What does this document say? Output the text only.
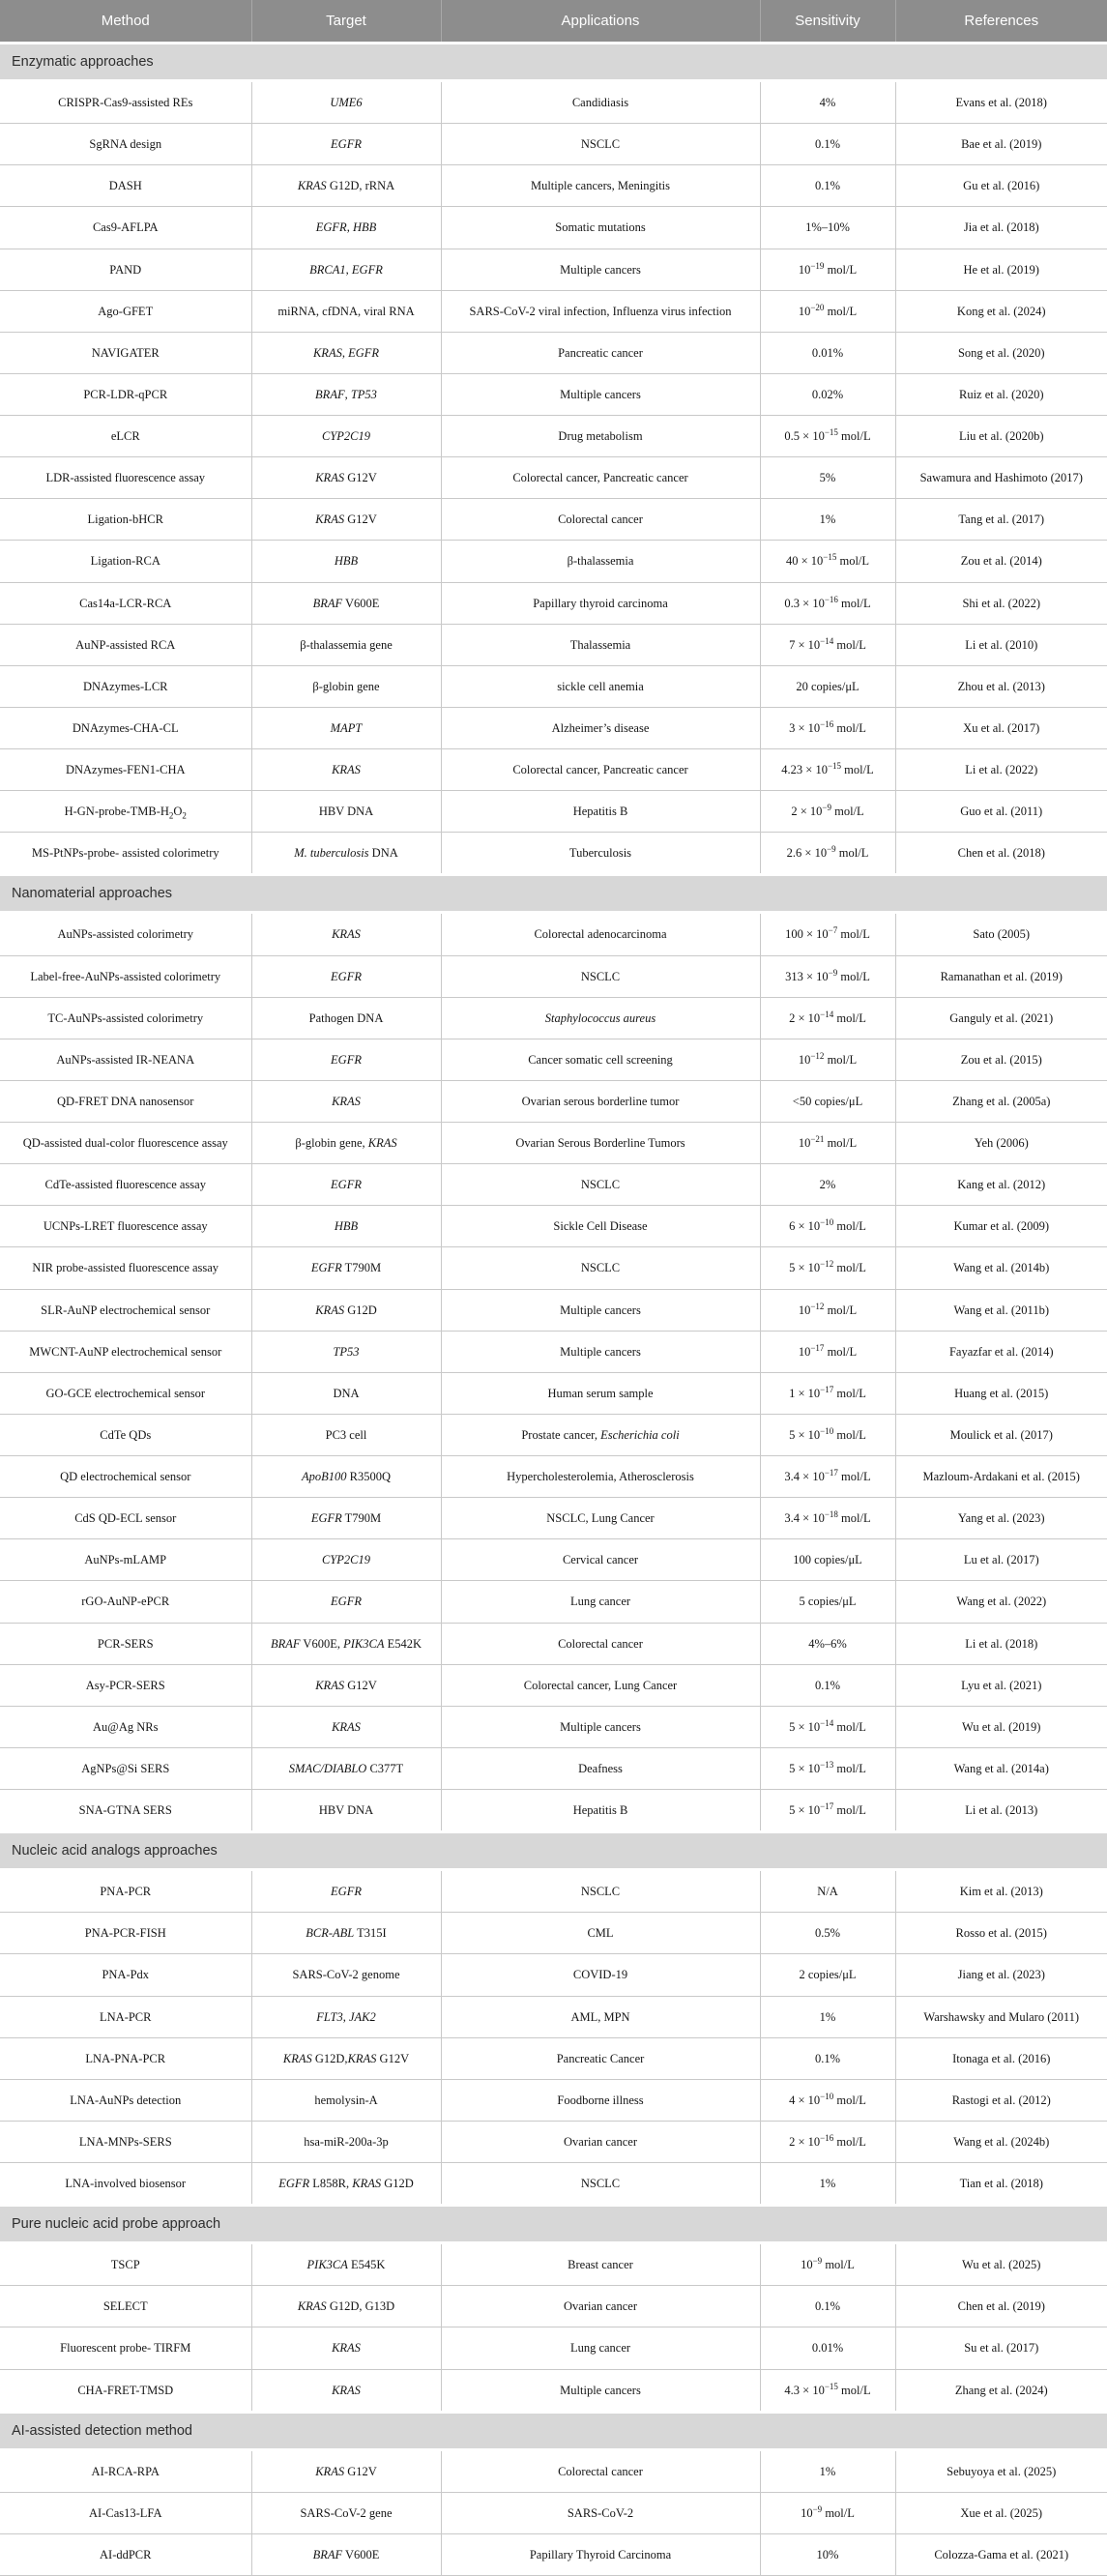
Method	Target	Applications	Sensitivity	References
Enzymatic approaches				
CRISPR-Cas9-assisted REs	UME6	Candidiasis	4%	Evans et al. (2018)
SgRNA design	EGFR	NSCLC	0.1%	Bae et al. (2019)
DASH	KRAS G12D, rRNA	Multiple cancers, Meningitis	0.1%	Gu et al. (2016)
Cas9-AFLPA	EGFR, HBB	Somatic mutations	1%–10%	Jia et al. (2018)
PAND	BRCA1, EGFR	Multiple cancers	$10^{-19}$ mol/L	He et al. (2019)
Ago-GFET	miRNA, cfDNA, viral RNA	SARS-CoV-2 viral infection, Influenza virus infection	$10^{-20}$ mol/L	Kong et al. (2024)
NAVIGATER	KRAS, EGFR	Pancreatic cancer	0.01%	Song et al. (2020)
PCR-LDR-qPCR	BRAF, TP53	Multiple cancers	0.02%	Ruiz et al. (2020)
eLCR	CYP2C19	Drug metabolism	$0.5 \times 10^{-15}$ mol/L	Liu et al. (2020b)
LDR-assisted fluorescence assay	KRAS G12V	Colorectal cancer, Pancreatic cancer	5%	Sawamura and Hashimoto (2017)
Ligation-bHCR	KRAS G12V	Colorectal cancer	1%	Tang et al. (2017)
Ligation-RCA	HBB	β-thalassemia	$40 \times 10^{-15}$ mol/L	Zou et al. (2014)
Cas14a-LCR-RCA	BRAF V600E	Papillary thyroid carcinoma	$0.3 \times 10^{-16}$ mol/L	Shi et al. (2022)
AuNP-assisted RCA	β-thalassemia gene	Thalassemia	$7 \times 10^{-14}$ mol/L	Li et al. (2010)
DNAzymes-LCR	β-globin gene	sickle cell anemia	20 copies/μL	Zhou et al. (2013)
DNAzymes-CHA-CL	MAPT	Alzheimer’s disease	$3 \times 10^{-16}$ mol/L	Xu et al. (2017)
DNAzymes-FEN1-CHA	KRAS	Colorectal cancer, Pancreatic cancer	$4.23 \times 10^{-15}$ mol/L	Li et al. (2022)
$H-GN-probe-TMB-H_2O_2$	HBV DNA	Hepatitis B	$2 \times 10^{-9}$ mol/L	Guo et al. (2011)
MS-PtNPs-probe- assisted colorimetry	M. tuberculosis DNA	Tuberculosis	$2.6 \times 10^{-9}$ mol/L	Chen et al. (2018)
Nanomaterial approaches				
AuNPs-assisted colorimetry	KRAS	Colorectal adenocarcinoma	$100 \times 10^{-7}$ mol/L	Sato (2005)
Label-free-AuNPs-assisted colorimetry	EGFR	NSCLC	$313 \times 10^{-9}$ mol/L	Ramanathan et al. (2019)
TC-AuNPs-assisted colorimetry	Pathogen DNA	Staphylococcus aureus	$2 \times 10^{-14}$ mol/L	Ganguly et al. (2021)
AuNPs-assisted IR-NEANA	EGFR	Cancer somatic cell screening	$10^{-12}$ mol/L	Zou et al. (2015)
QD-FRET DNA nanosensor	KRAS	Ovarian serous borderline tumor	<50 copies/μL	Zhang et al. (2005a)
QD-assisted dual-color fluorescence assay	β-globin gene, KRAS	Ovarian Serous Borderline Tumors	$10^{-21}$ mol/L	Yeh (2006)
CdTe-assisted fluorescence assay	EGFR	NSCLC	2%	Kang et al. (2012)
UCNPs-LRET fluorescence assay	HBB	Sickle Cell Disease	$6 \times 10^{-10}$ mol/L	Kumar et al. (2009)
NIR probe-assisted fluorescence assay	EGFR T790M	NSCLC	$5 \times 10^{-12}$ mol/L	Wang et al. (2014b)
SLR-AuNP electrochemical sensor	KRAS G12D	Multiple cancers	$10^{-12}$ mol/L	Wang et al. (2011b)
MWCNT-AuNP electrochemical sensor	TP53	Multiple cancers	$10^{-17}$ mol/L	Fayazfar et al. (2014)
GO-GCE electrochemical sensor	DNA	Human serum sample	$1 \times 10^{-17}$ mol/L	Huang et al. (2015)
CdTe QDs	PC3 cell	Prostate cancer, Escherichia coli	$5 \times 10^{-10}$ mol/L	Moulick et al. (2017)
QD electrochemical sensor	ApoB100 R3500Q	Hypercholesterolemia, Atherosclerosis	$3.4 \times 10^{-17}$ mol/L	Mazloum-Ardakani et al. (2015)
CdS QD-ECL sensor	EGFR T790M	NSCLC, Lung Cancer	$3.4 \times 10^{-18}$ mol/L	Yang et al. (2023)
AuNPs-mLAMP	CYP2C19	Cervical cancer	100 copies/μL	Lu et al. (2017)
rGO-AuNP-ePCR	EGFR	Lung cancer	5 copies/μL	Wang et al. (2022)
PCR-SERS	BRAF V600E, PIK3CA E542K	Colorectal cancer	4%–6%	Li et al. (2018)
Asy-PCR-SERS	KRAS G12V	Colorectal cancer, Lung Cancer	0.1%	Lyu et al. (2021)
Au@Ag NRs	KRAS	Multiple cancers	$5 \times 10^{-14}$ mol/L	Wu et al. (2019)
AgNPs@Si SERS	SMAC/DIABLO C377T	Deafness	$5 \times 10^{-13}$ mol/L	Wang et al. (2014a)
SNA-GTNA SERS	HBV DNA	Hepatitis B	$5 \times 10^{-17}$ mol/L	Li et al. (2013)
Nucleic acid analogs approaches				
PNA-PCR	EGFR	NSCLC	N/A	Kim et al. (2013)
PNA-PCR-FISH	BCR-ABL T315I	CML	0.5%	Rosso et al. (2015)
PNA-Pdx	SARS-CoV-2 genome	COVID-19	2 copies/μL	Jiang et al. (2023)
LNA-PCR	FLT3, JAK2	AML, MPN	1%	Warshawsky and Mularo (2011)
LNA-PNA-PCR	KRAS G12D,KRAS G12V	Pancreatic Cancer	0.1%	Itonaga et al. (2016)
LNA-AuNPs detection	hemolysin-A	Foodborne illness	$4 \times 10^{-10}$ mol/L	Rastogi et al. (2012)
LNA-MNPs-SERS	hsa-miR-200a-3p	Ovarian cancer	$2 \times 10^{-16}$ mol/L	Wang et al. (2024b)
LNA-involved biosensor	EGFR L858R, KRAS G12D	NSCLC	1%	Tian et al. (2018)
Pure nucleic acid probe approach				
TSCP	PIK3CA E545K	Breast cancer	$10^{-9}$ mol/L	Wu et al. (2025)
SELECT	KRAS G12D, G13D	Ovarian cancer	0.1%	Chen et al. (2019)
Fluorescent probe- TIRFM	KRAS	Lung cancer	0.01%	Su et al. (2017)
CHA-FRET-TMSD	KRAS	Multiple cancers	$4.3 \times 10^{-15}$ mol/L	Zhang et al. (2024)
AI-assisted detection method				
AI-RCA-RPA	KRAS G12V	Colorectal cancer	1%	Sebuyoya et al. (2025)
AI-Cas13-LFA	SARS-CoV-2 gene	SARS-CoV-2	$10^{-9}$ mol/L	Xue et al. (2025)
AI-ddPCR	BRAF V600E	Papillary Thyroid Carcinoma	10%	Colozza-Gama et al. (2021)
